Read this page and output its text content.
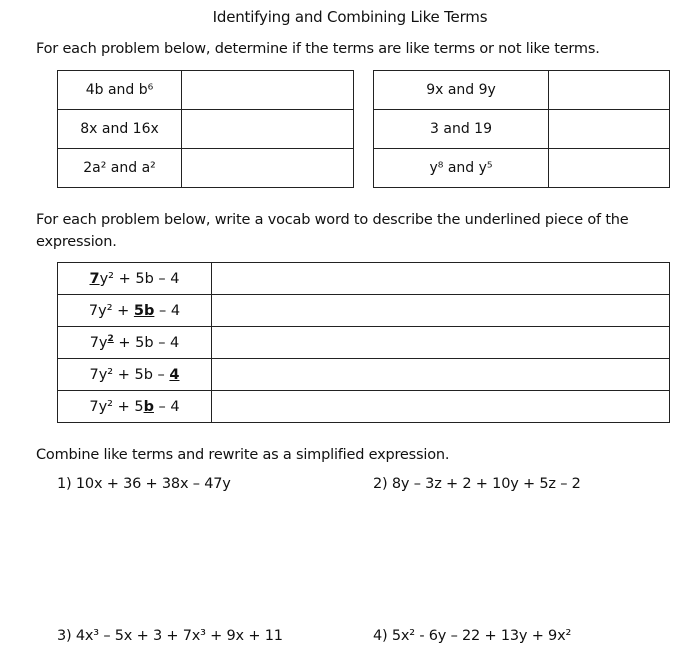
Identifying and Combining Like Terms
For each problem below, determine if the terms are like terms or not like terms.
4b and b⁶	
8x and 16x	
2a² and a²	
9x and 9y	
3 and 19	
y⁸ and y⁵	
For each problem below, write a vocab word to describe the underlined piece of the expression.
7y² + 5b – 4	
7y² + 5b – 4	
$7y^2 + 5b - 4$	
7y² + 5b – 4	
7y² + 5b – 4	
Combine like terms and rewrite as a simplified expression.
1) 10x + 36 + 38x – 47y	2) 8y – 3z + 2 + 10y + 5z – 2
3) 4x³ – 5x + 3 + 7x³ + 9x + 11	4) 5x² - 6y – 22 + 13y + 9x²
